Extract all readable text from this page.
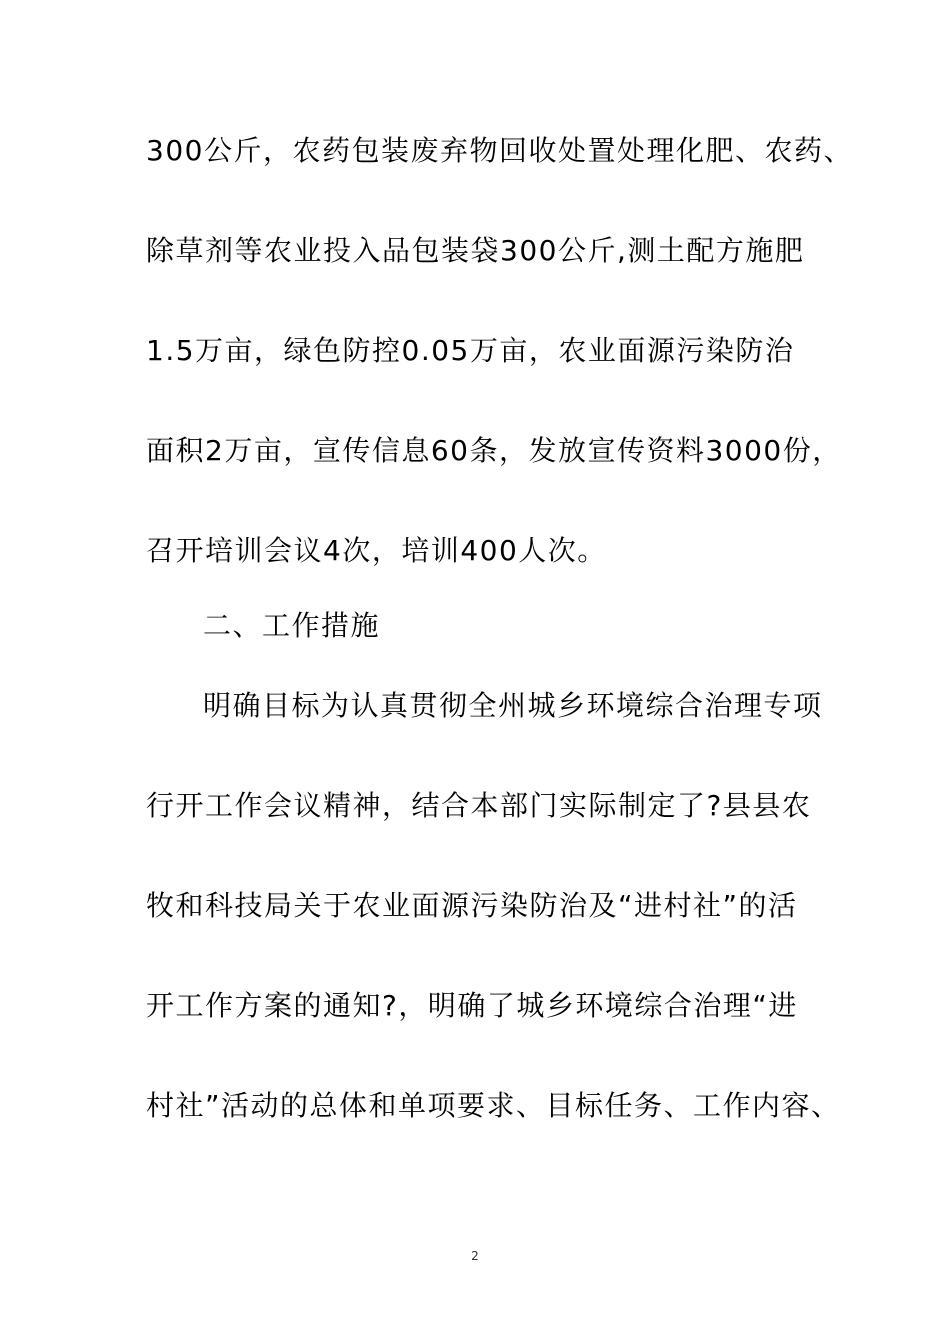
300公斤，农药包装废弃物回收处置处理化肥、农药、
除草剂等农业投入品包装袋300公斤,测土配方施肥
1.5万亩，绿色防控0.05万亩，农业面源污染防治
面积2万亩，宣传信息60条，发放宣传资料3000份，
召开培训会议4次，培训400人次。
二、工作措施
明确目标为认真贯彻全州城乡环境综合治理专项
行开工作会议精神，结合本部门实际制定了?县县农
牧和科技局关于农业面源污染防治及“进村社”的活
开工作方案的通知?，明确了城乡环境综合治理“进
村社”活动的总体和单项要求、目标任务、工作内容、
2
